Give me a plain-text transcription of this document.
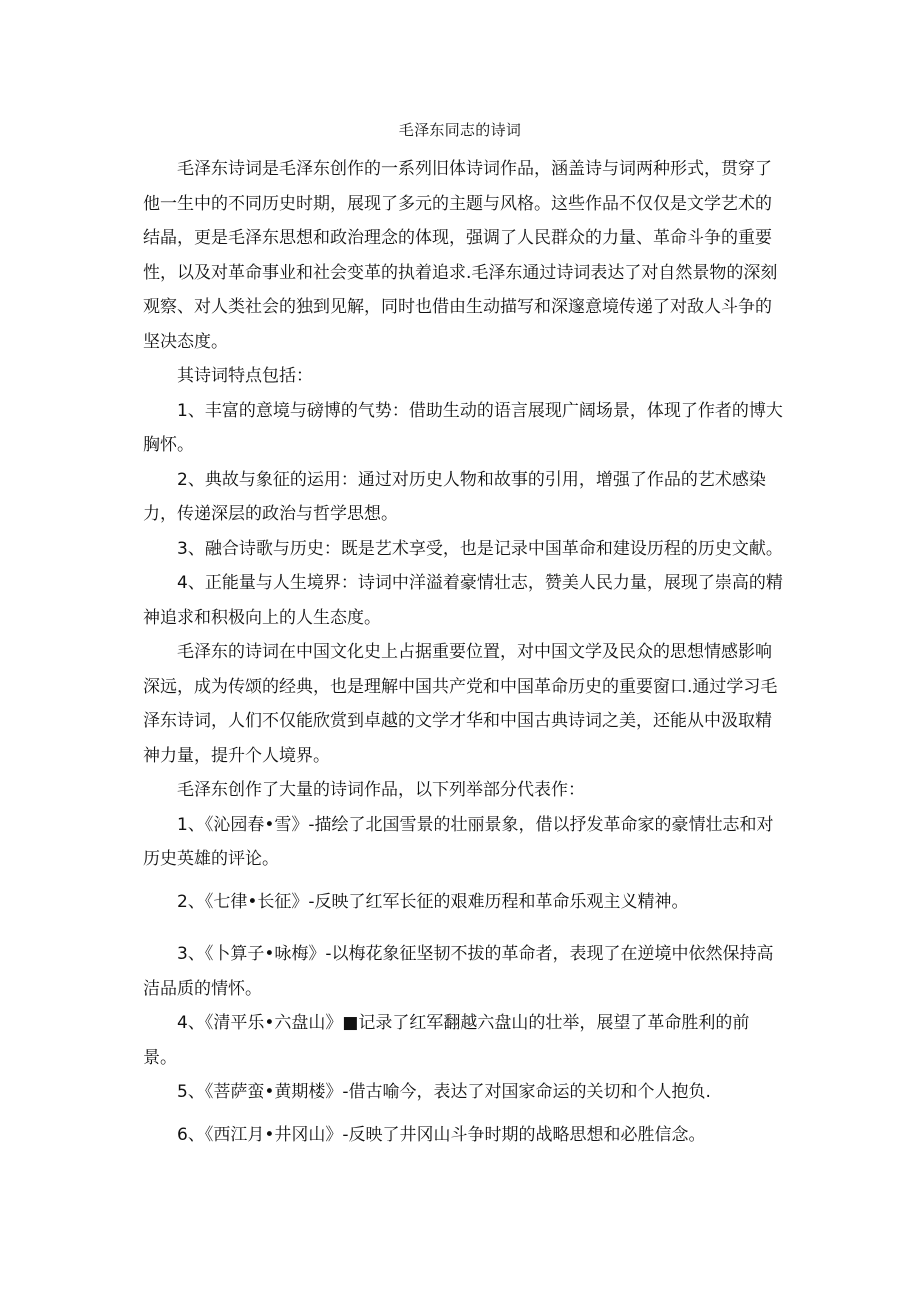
毛泽东同志的诗词

毛泽东诗词是毛泽东创作的一系列旧体诗词作品，涵盖诗与词两种形式，贯穿了他一生中的不同历史时期，展现了多元的主题与风格。这些作品不仅仅是文学艺术的结晶，更是毛泽东思想和政治理念的体现，强调了人民群众的力量、革命斗争的重要性，以及对革命事业和社会变革的执着追求.毛泽东通过诗词表达了对自然景物的深刻观察、对人类社会的独到见解，同时也借由生动描写和深邃意境传递了对敌人斗争的坚决态度。

其诗词特点包括：

1、丰富的意境与磅博的气势：借助生动的语言展现广阔场景，体现了作者的博大胸怀。

2、典故与象征的运用：通过对历史人物和故事的引用，增强了作品的艺术感染力，传递深层的政治与哲学思想。

3、融合诗歌与历史：既是艺术享受，也是记录中国革命和建设历程的历史文献。

4、正能量与人生境界：诗词中洋溢着豪情壮志，赞美人民力量，展现了崇高的精神追求和积极向上的人生态度。

毛泽东的诗词在中国文化史上占据重要位置，对中国文学及民众的思想情感影响深远，成为传颂的经典，也是理解中国共产党和中国革命历史的重要窗口.通过学习毛泽东诗词，人们不仅能欣赏到卓越的文学才华和中国古典诗词之美，还能从中汲取精神力量，提升个人境界。

毛泽东创作了大量的诗词作品，以下列举部分代表作：

1、《沁园春•雪》-描绘了北国雪景的壮丽景象，借以抒发革命家的豪情壮志和对历史英雄的评论。

2、《七律•长征》-反映了红军长征的艰难历程和革命乐观主义精神。

3、《卜算子•咏梅》-以梅花象征坚韧不拔的革命者，表现了在逆境中依然保持高洁品质的情怀。

4、《清平乐•六盘山》■记录了红军翻越六盘山的壮举，展望了革命胜利的前景。

5、《菩萨蛮•黄期楼》-借古喻今，表达了对国家命运的关切和个人抱负.

6、《西江月•井冈山》-反映了井冈山斗争时期的战略思想和必胜信念。
